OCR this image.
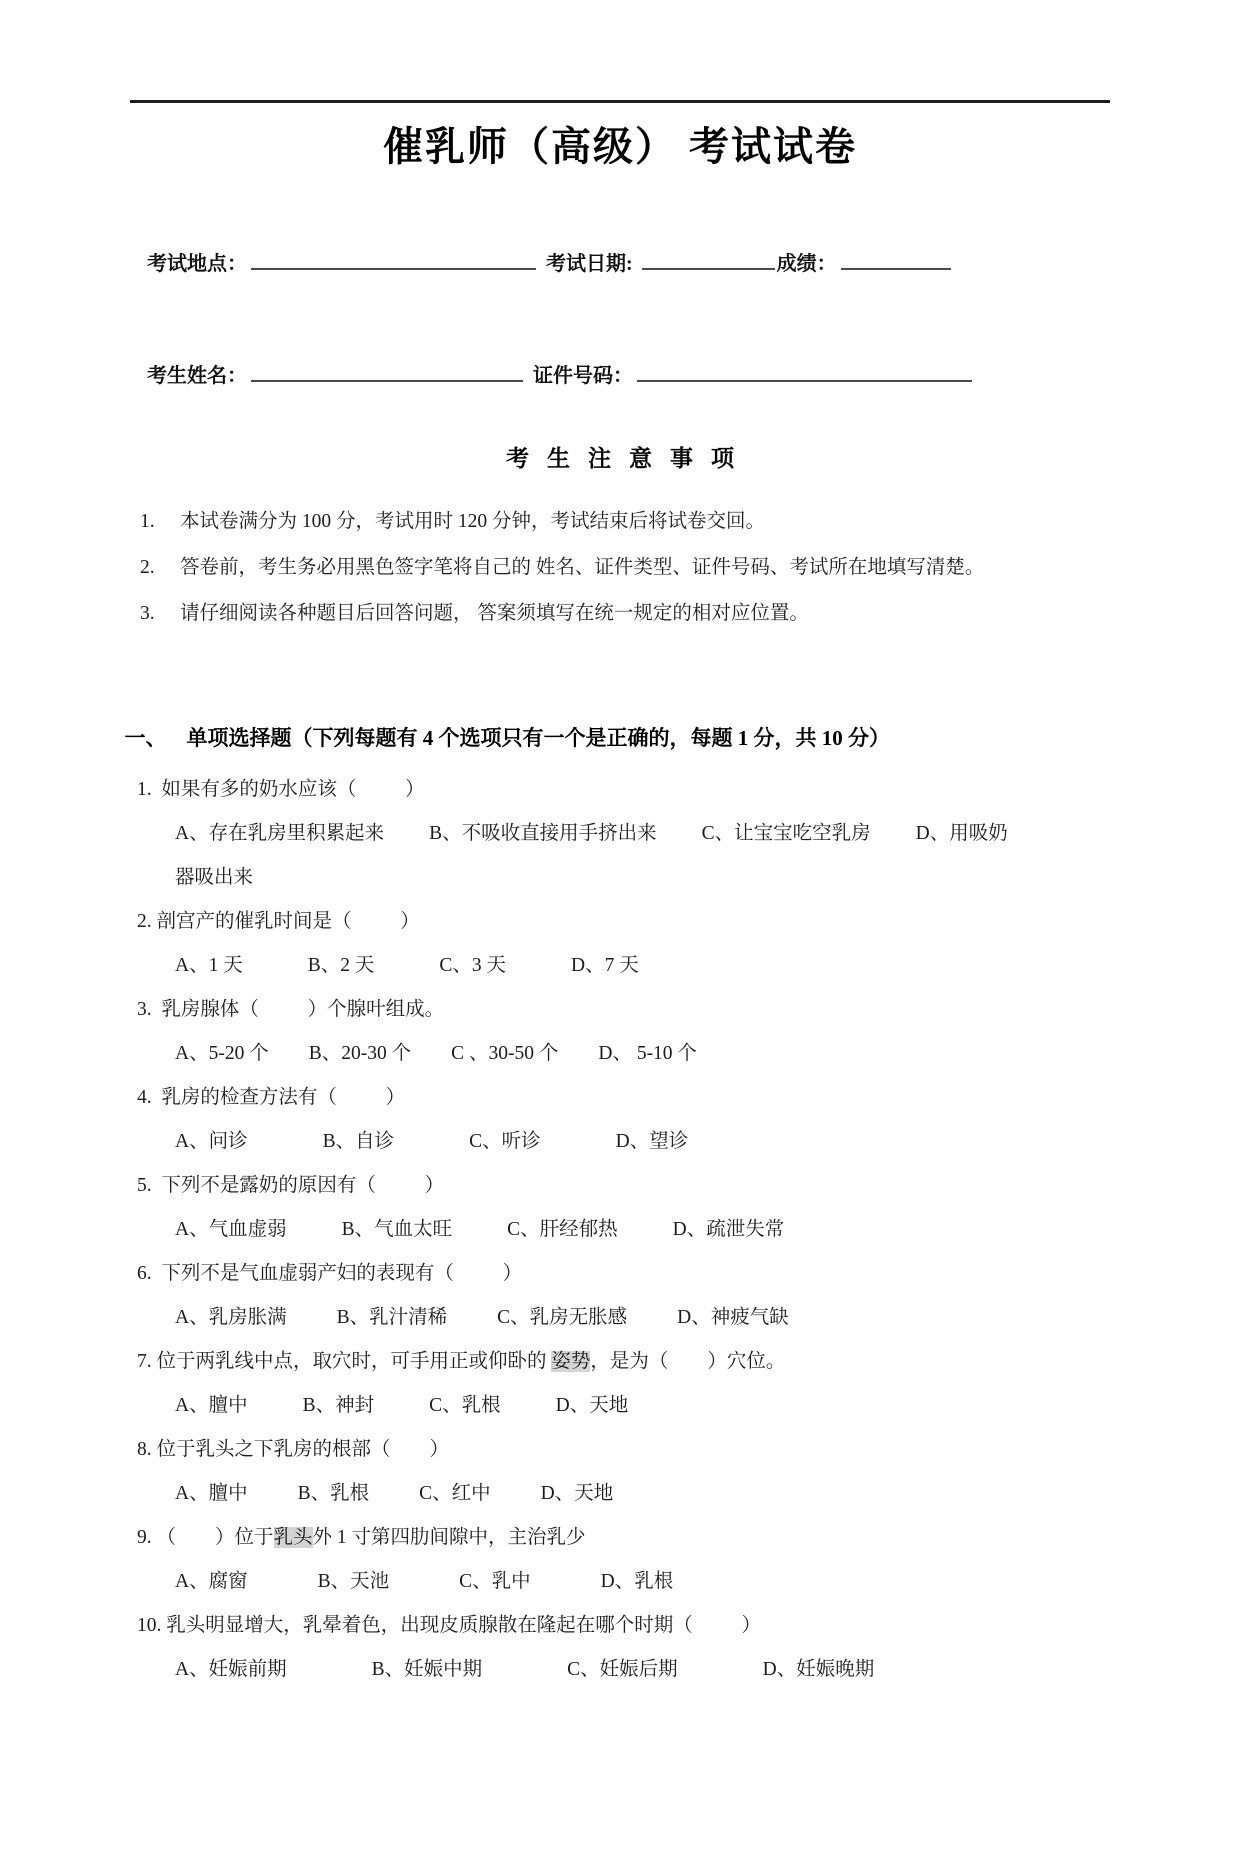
催乳师（高级） 考试试卷

考试地点：	考试日期:	成绩：

考生姓名：	证件号码：

考生注意事项
1. 本试卷满分为 100 分，考试用时 120 分钟，考试结束后将试卷交回。
2. 答卷前，考生务必用黑色签字笔将自己的 姓名、证件类型、证件号码、考试所在地填写清楚。
3. 请仔细阅读各种题目后回答问题， 答案须填写在统一规定的相对应位置。

一、 单项选择题（下列每题有 4 个选项只有一个是正确的，每题 1 分，共 10 分）

1.  如果有多的奶水应该（          ）
A、存在乳房里积累起来 B、不吸收直接用手挤出来 C、让宝宝吃空乳房 D、用吸奶
器吸出来
2. 剖宫产的催乳时间是（          ）
A、1 天	B、2 天	C、3 天	D、7 天
3.  乳房腺体（          ）个腺叶组成。
A、5-20 个 B、20-30 个 C 、30-50 个 D、 5-10 个
4.  乳房的检查方法有（          ）
A、问诊	B、自诊	C、听诊	D、望诊
5.  下列不是露奶的原因有（          ）
A、气血虚弱	B、气血太旺	C、肝经郁热	D、疏泄失常
6.  下列不是气血虚弱产妇的表现有（          ）
A、乳房胀满	B、乳汁清稀	C、乳房无胀感	D、神疲气缺
7. 位于两乳线中点，取穴时，可手用正或仰卧的 姿势，是为（        ）穴位。
A、膻中	B、神封	C、乳根	D、天地
8. 位于乳头之下乳房的根部（        ）
A、膻中	B、乳根	C、红中	D、天地
9. （        ）位于乳头外 1 寸第四肋间隙中，主治乳少
A、腐窗	B、天池	C、乳中	D、乳根
10. 乳头明显增大，乳晕着色，出现皮质腺散在隆起在哪个时期（          ）
A、妊娠前期	B、妊娠中期	C、妊娠后期	D、妊娠晚期
